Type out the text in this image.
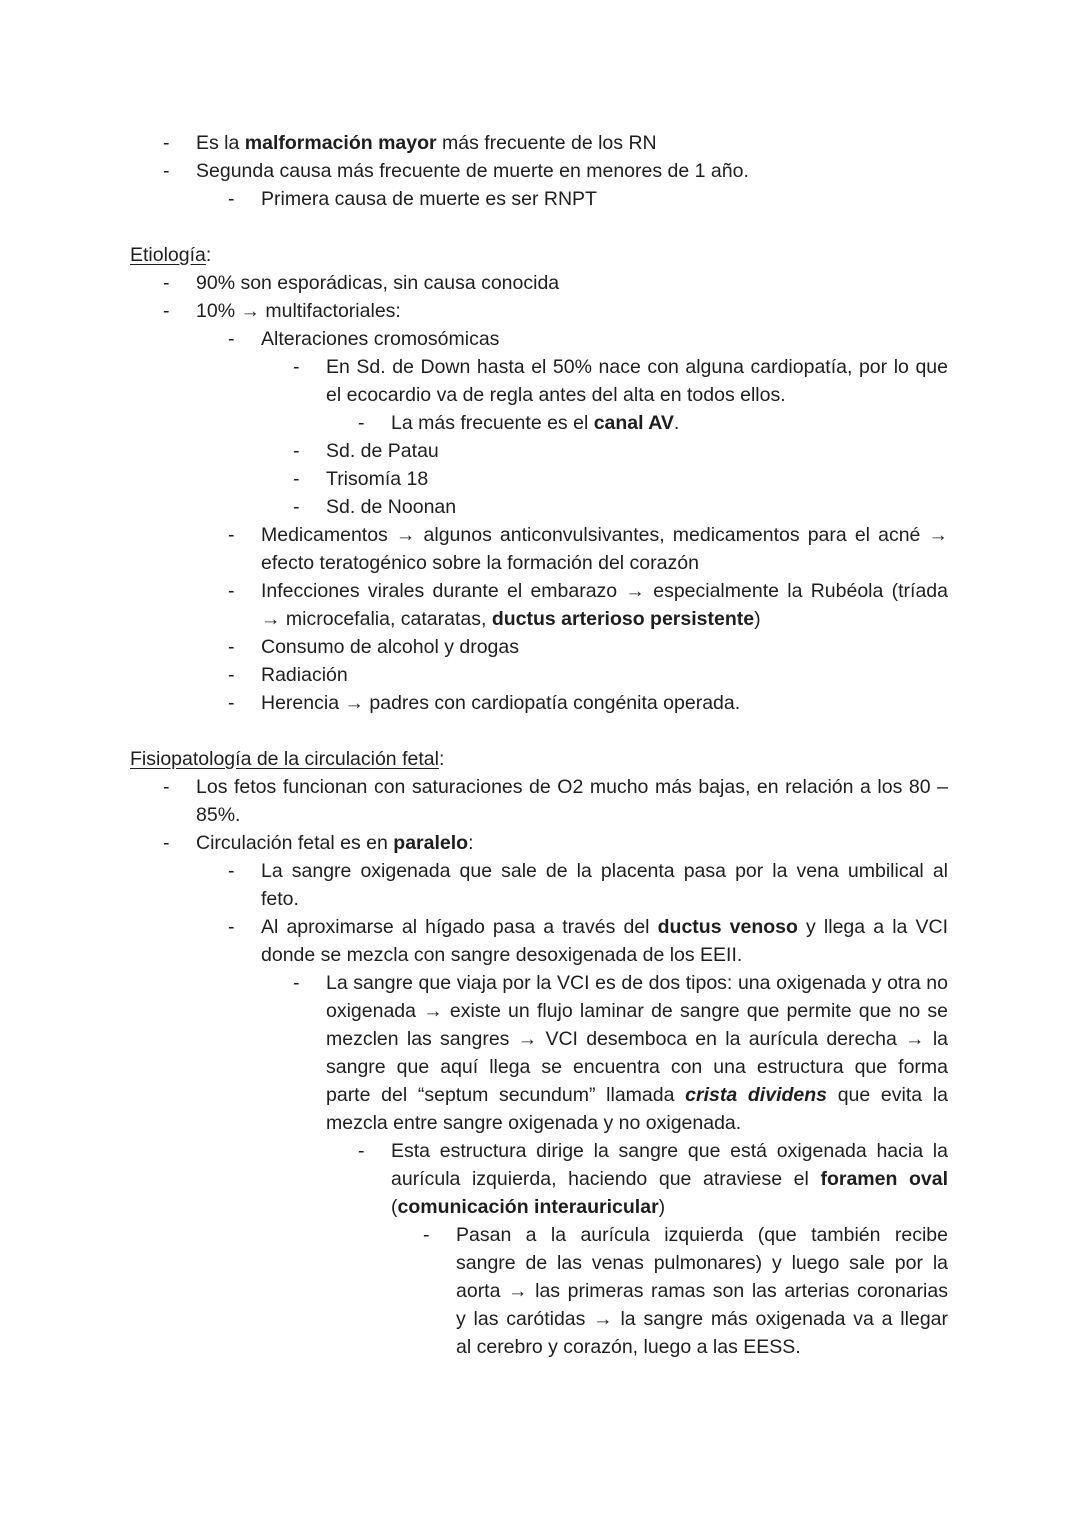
- Es la malformación mayor más frecuente de los RN
- Segunda causa más frecuente de muerte en menores de 1 año.
- Primera causa de muerte es ser RNPT
Etiología:
- 90% son esporádicas, sin causa conocida
- 10% → multifactoriales:
- Alteraciones cromosómicas
- En Sd. de Down hasta el 50% nace con alguna cardiopatía, por lo que
el ecocardio va de regla antes del alta en todos ellos.
- La más frecuente es el canal AV.
- Sd. de Patau
- Trisomía 18
- Sd. de Noonan
- Medicamentos → algunos anticonvulsivantes, medicamentos para el acné →
efecto teratogénico sobre la formación del corazón
- Infecciones virales durante el embarazo → especialmente la Rubéola (tríada
→ microcefalia, cataratas, ductus arterioso persistente)
- Consumo de alcohol y drogas
- Radiación
- Herencia → padres con cardiopatía congénita operada.
Fisiopatología de la circulación fetal:
- Los fetos funcionan con saturaciones de O2 mucho más bajas, en relación a los 80 –
85%.
- Circulación fetal es en paralelo:
- La sangre oxigenada que sale de la placenta pasa por la vena umbilical al
feto.
- Al aproximarse al hígado pasa a través del ductus venoso y llega a la VCI
donde se mezcla con sangre desoxigenada de los EEII.
- La sangre que viaja por la VCI es de dos tipos: una oxigenada y otra no
oxigenada → existe un flujo laminar de sangre que permite que no se
mezclen las sangres → VCI desemboca en la aurícula derecha → la
sangre que aquí llega se encuentra con una estructura que forma
parte del “septum secundum” llamada crista dividens que evita la
mezcla entre sangre oxigenada y no oxigenada.
- Esta estructura dirige la sangre que está oxigenada hacia la
aurícula izquierda, haciendo que atraviese el foramen oval
(comunicación interauricular)
- Pasan a la aurícula izquierda (que también recibe
sangre de las venas pulmonares) y luego sale por la
aorta → las primeras ramas son las arterias coronarias
y las carótidas → la sangre más oxigenada va a llegar
al cerebro y corazón, luego a las EESS.
